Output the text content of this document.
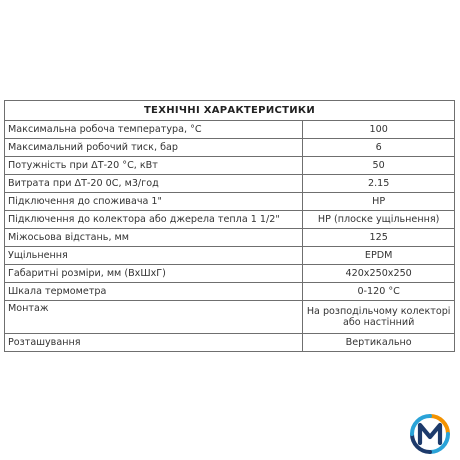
ТЕХНІЧНІ ХАРАКТЕРИСТИКИ	
Максимальна робоча температура, °С	100
Максимальний робочий тиск, бар	6
Потужність при ΔТ-20 °С, кВт	50
Витрата при ΔТ-20 0С, м3/год	2.15
Підключення до споживача 1"	НР
Підключення до колектора або джерела тепла 1 1/2"	НР (плоске ущільнення)
Міжосьова відстань, мм	125
Ущільнення	EPDM
Габаритні розміри, мм (ВхШхГ)	420x250x250
Шкала термометра	0-120 °С
Монтаж	На розподільчому колекторі або настінний
Розташування	Вертикально
